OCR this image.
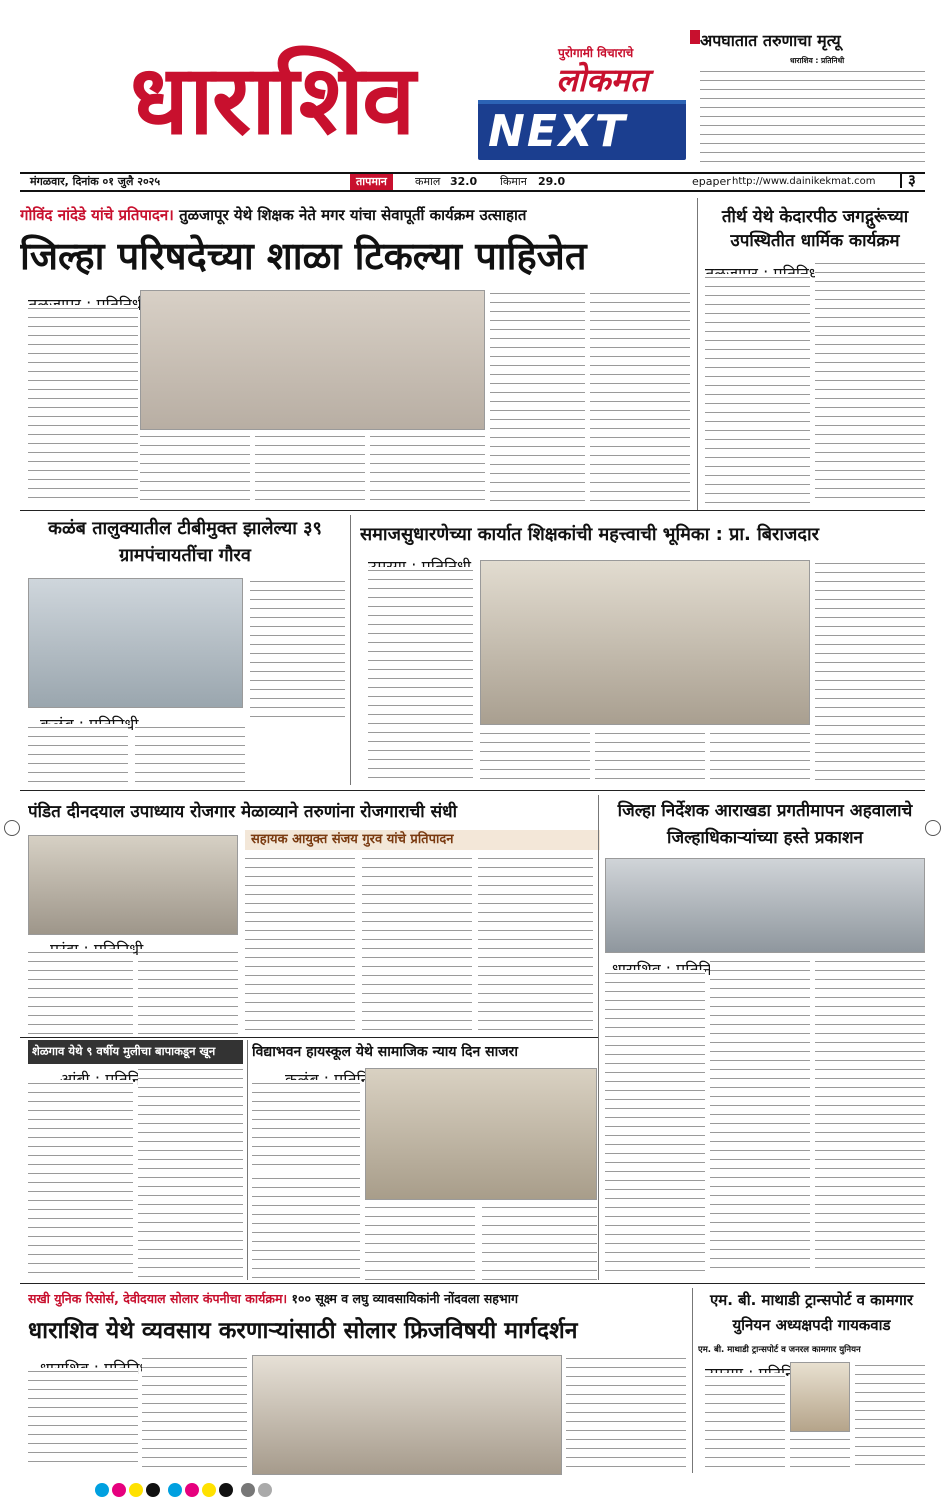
धाराशिव	पुरोगामी विचाराचे
लोकमत
NEXT
मंगळवार, दिनांक ०१ जुलै २०२५	तापमान	कमाल 32.0 किमान 29.0	epaper http://www.dainikekmat.com	३
अपघातात तरुणाचा मृत्यू
धाराशिव : प्रतिनिधी
गोविंद नांदेडे यांचे प्रतिपादन। तुळजापूर येथे शिक्षक नेते मगर यांचा सेवापूर्ती कार्यक्रम उत्साहात
जिल्हा परिषदेच्या शाळा टिकल्या पाहिजेत
तीर्थ येथे केदारपीठ जगद्गुरूंच्या उपस्थितीत धार्मिक कार्यक्रम
कळंब तालुक्यातील टीबीमुक्त झालेल्या ३९ ग्रामपंचायतींचा गौरव
समाजसुधारणेच्या कार्यात शिक्षकांची महत्त्वाची भूमिका : प्रा. बिराजदार
पंडित दीनदयाल उपाध्याय रोजगार मेळाव्याने तरुणांना रोजगाराची संधी
सहायक आयुक्त संजय गुरव यांचे प्रतिपादन
जिल्हा निर्देशक आराखडा प्रगतीमापन अहवालाचे जिल्हाधिकाऱ्यांच्या हस्ते प्रकाशन
शेळगाव येथे ९ वर्षीय मुलीचा बापाकडून खून	विद्याभवन हायस्कूल येथे सामाजिक न्याय दिन साजरा
सखी युनिक रिसोर्स, देवीदयाल सोलार कंपनीचा कार्यक्रम। १०० सूक्ष्म व लघु व्यावसायिकांनी नोंदवला सहभाग
धाराशिव येथे व्यवसाय करणाऱ्यांसाठी सोलार फ्रिजविषयी मार्गदर्शन
एम. बी. माथाडी ट्रान्सपोर्ट व कामगार युनियन अध्यक्षपदी गायकवाड
एम. बी. माथाडी ट्रान्सपोर्ट व जनरल कामगार युनियन
